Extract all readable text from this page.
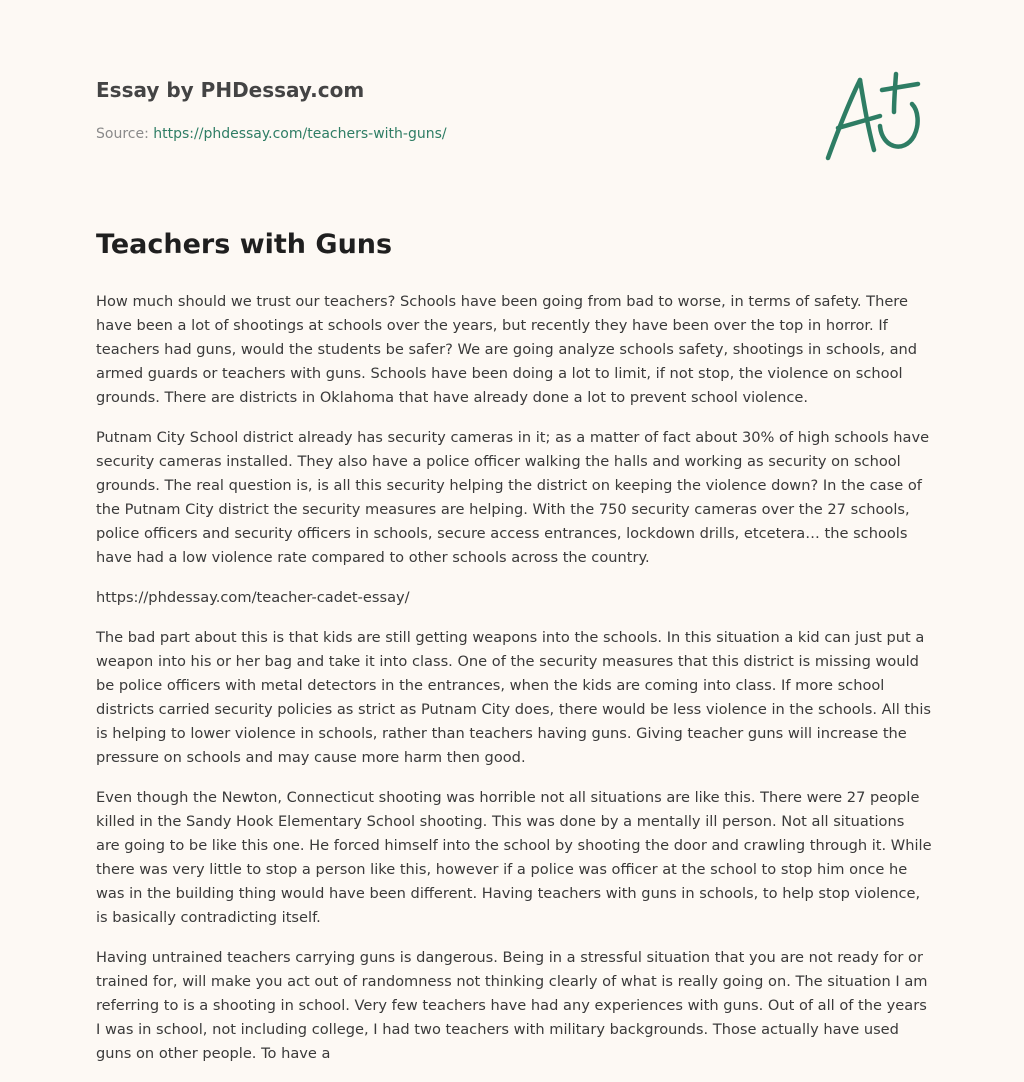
Essay by PHDessay.com
Source: https://phdessay.com/teachers-with-guns/
Teachers with Guns

How much should we trust our teachers? Schools have been going from bad to worse, in terms of safety. There have been a lot of shootings at schools over the years, but recently they have been over the top in horror. If teachers had guns, would the students be safer? We are going analyze schools safety, shootings in schools, and armed guards or teachers with guns. Schools have been doing a lot to limit, if not stop, the violence on school grounds. There are districts in Oklahoma that have already done a lot to prevent school violence.

Putnam City School district already has security cameras in it; as a matter of fact about 30% of high schools have security cameras installed. They also have a police officer walking the halls and working as security on school grounds. The real question is, is all this security helping the district on keeping the violence down? In the case of the Putnam City district the security measures are helping. With the 750 security cameras over the 27 schools, police officers and security officers in schools, secure access entrances, lockdown drills, etcetera… the schools have had a low violence rate compared to other schools across the country.

https://phdessay.com/teacher-cadet-essay/

The bad part about this is that kids are still getting weapons into the schools. In this situation a kid can just put a weapon into his or her bag and take it into class. One of the security measures that this district is missing would be police officers with metal detectors in the entrances, when the kids are coming into class. If more school districts carried security policies as strict as Putnam City does, there would be less violence in the schools. All this is helping to lower violence in schools, rather than teachers having guns. Giving teacher guns will increase the pressure on schools and may cause more harm then good.

Even though the Newton, Connecticut shooting was horrible not all situations are like this. There were 27 people killed in the Sandy Hook Elementary School shooting. This was done by a mentally ill person. Not all situations are going to be like this one. He forced himself into the school by shooting the door and crawling through it. While there was very little to stop a person like this, however if a police was officer at the school to stop him once he was in the building thing would have been different. Having teachers with guns in schools, to help stop violence, is basically contradicting itself.

Having untrained teachers carrying guns is dangerous. Being in a stressful situation that you are not ready for or trained for, will make you act out of randomness not thinking clearly of what is really going on. The situation I am referring to is a shooting in school. Very few teachers have had any experiences with guns. Out of all of the years I was in school, not including college, I had two teachers with military backgrounds. Those actually have used guns on other people. To have a
